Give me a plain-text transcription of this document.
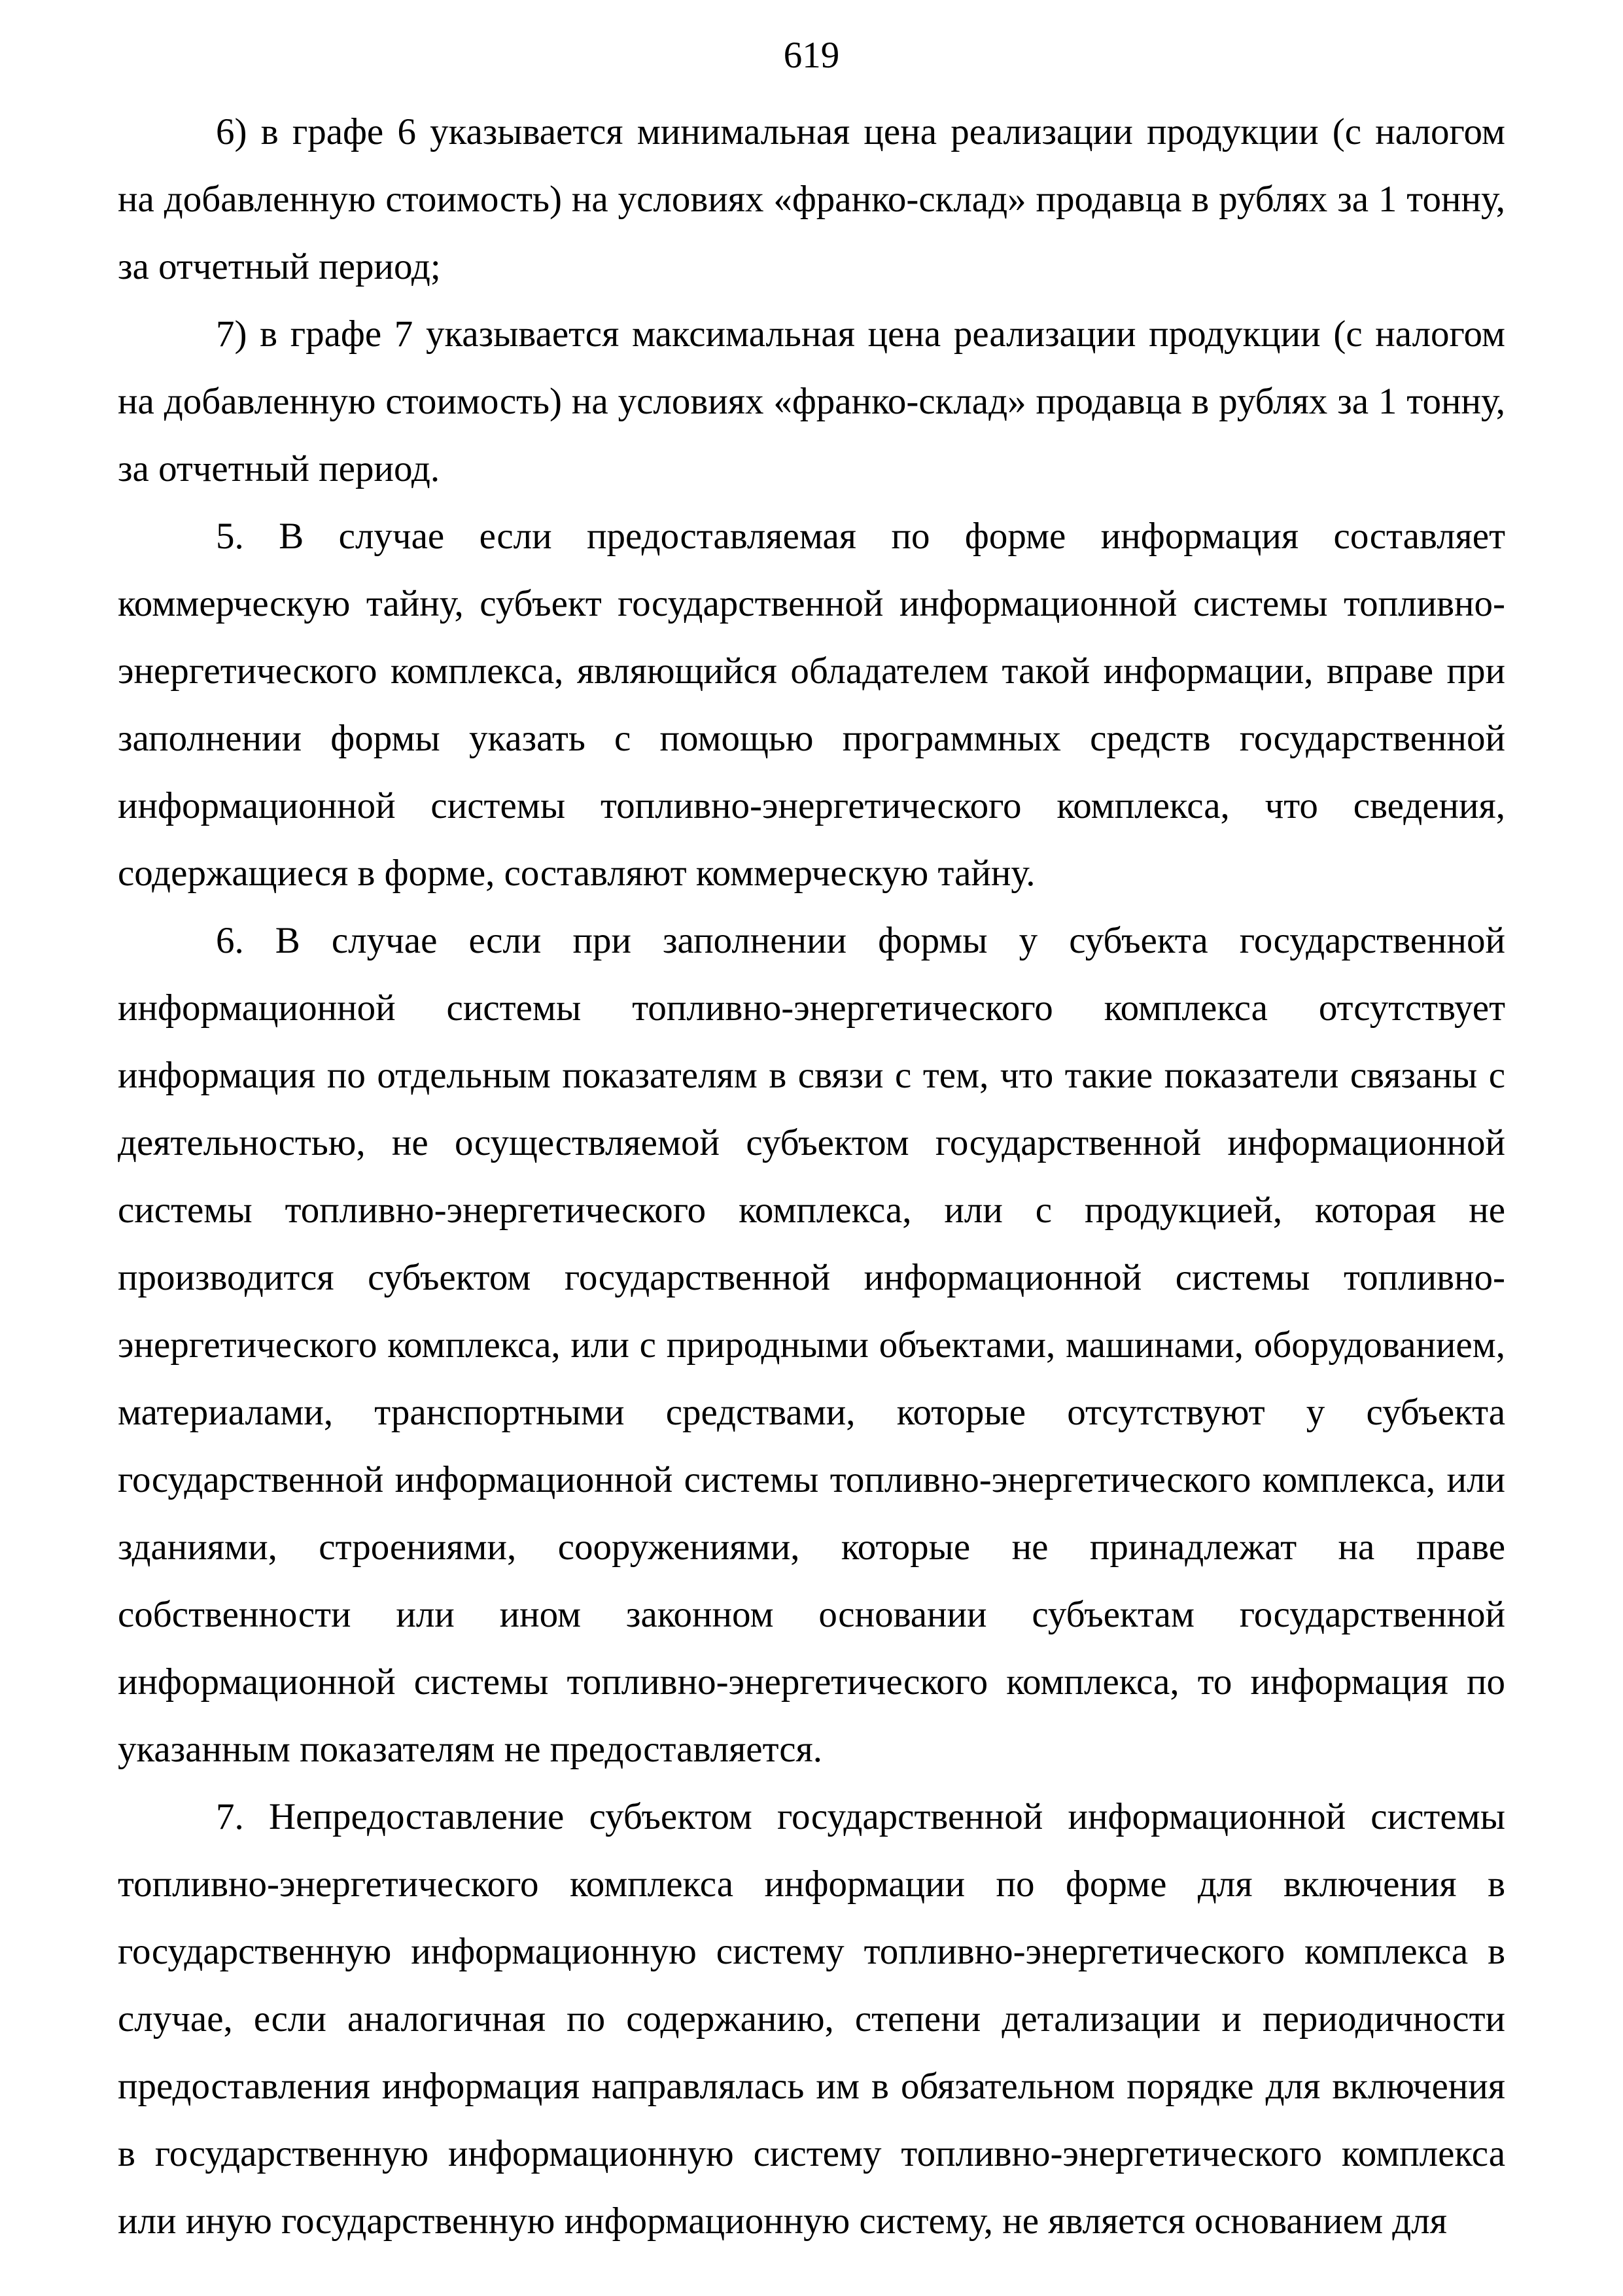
619

6) в графе 6 указывается минимальная цена реализации продукции (с налогом на добавленную стоимость) на условиях «франко-склад» продавца в рублях за 1 тонну, за отчетный период;

7) в графе 7 указывается максимальная цена реализации продукции (с налогом на добавленную стоимость) на условиях «франко-склад» продавца в рублях за 1 тонну, за отчетный период.

5. В случае если предоставляемая по форме информация составляет коммерческую тайну, субъект государственной информационной системы топливно-энергетического комплекса, являющийся обладателем такой информации, вправе при заполнении формы указать с помощью программных средств государственной информационной системы топливно-энергетического комплекса, что сведения, содержащиеся в форме, составляют коммерческую тайну.

6. В случае если при заполнении формы у субъекта государственной информационной системы топливно-энергетического комплекса отсутствует информация по отдельным показателям в связи с тем, что такие показатели связаны с деятельностью, не осуществляемой субъектом государственной информационной системы топливно-энергетического комплекса, или с продукцией, которая не производится субъектом государственной информационной системы топливно-энергетического комплекса, или с природными объектами, машинами, оборудованием, материалами, транспортными средствами, которые отсутствуют у субъекта государственной информационной системы топливно-энергетического комплекса, или зданиями, строениями, сооружениями, которые не принадлежат на праве собственности или ином законном основании субъектам государственной информационной системы топливно-энергетического комплекса, то информация по указанным показателям не предоставляется.

7. Непредоставление субъектом государственной информационной системы топливно-энергетического комплекса информации по форме для включения в государственную информационную систему топливно-энергетического комплекса в случае, если аналогичная по содержанию, степени детализации и периодичности предоставления информация направлялась им в обязательном порядке для включения в государственную информационную систему топливно-энергетического комплекса или иную государственную информационную систему, не является основанием для
